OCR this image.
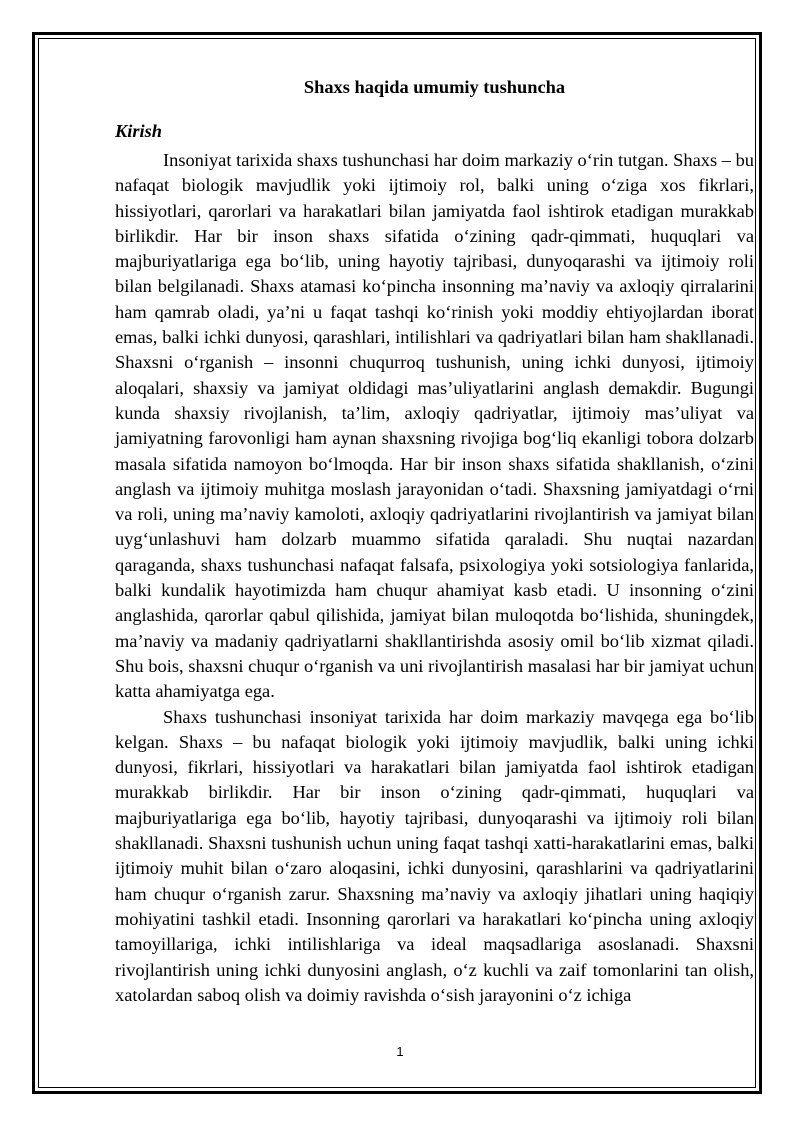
Shaxs haqida umumiy tushuncha
Kirish

Insoniyat tarixida shaxs tushunchasi har doim markaziy o‘rin tutgan. Shaxs – bu nafaqat biologik mavjudlik yoki ijtimoiy rol, balki uning o‘ziga xos fikrlari, hissiyotlari, qarorlari va harakatlari bilan jamiyatda faol ishtirok etadigan murakkab birlikdir. Har bir inson shaxs sifatida o‘zining qadr-qimmati, huquqlari va majburiyatlariga ega bo‘lib, uning hayotiy tajribasi, dunyoqarashi va ijtimoiy roli bilan belgilanadi. Shaxs atamasi ko‘pincha insonning ma’naviy va axloqiy qirralarini ham qamrab oladi, ya’ni u faqat tashqi ko‘rinish yoki moddiy ehtiyojlardan iborat emas, balki ichki dunyosi, qarashlari, intilishlari va qadriyatlari bilan ham shakllanadi. Shaxsni o‘rganish – insonni chuqurroq tushunish, uning ichki dunyosi, ijtimoiy aloqalari, shaxsiy va jamiyat oldidagi mas’uliyatlarini anglash demakdir. Bugungi kunda shaxsiy rivojlanish, ta’lim, axloqiy qadriyatlar, ijtimoiy mas’uliyat va jamiyatning farovonligi ham aynan shaxsning rivojiga bog‘liq ekanligi tobora dolzarb masala sifatida namoyon bo‘lmoqda. Har bir inson shaxs sifatida shakllanish, o‘zini anglash va ijtimoiy muhitga moslash jarayonidan o‘tadi. Shaxsning jamiyatdagi o‘rni va roli, uning ma’naviy kamoloti, axloqiy qadriyatlarini rivojlantirish va jamiyat bilan uyg‘unlashuvi ham dolzarb muammo sifatida qaraladi. Shu nuqtai nazardan qaraganda, shaxs tushunchasi nafaqat falsafa, psixologiya yoki sotsiologiya fanlarida, balki kundalik hayotimizda ham chuqur ahamiyat kasb etadi. U insonning o‘zini anglashida, qarorlar qabul qilishida, jamiyat bilan muloqotda bo‘lishida, shuningdek, ma’naviy va madaniy qadriyatlarni shakllantirishda asosiy omil bo‘lib xizmat qiladi. Shu bois, shaxsni chuqur o‘rganish va uni rivojlantirish masalasi har bir jamiyat uchun katta ahamiyatga ega.

Shaxs tushunchasi insoniyat tarixida har doim markaziy mavqega ega bo‘lib kelgan. Shaxs – bu nafaqat biologik yoki ijtimoiy mavjudlik, balki uning ichki dunyosi, fikrlari, hissiyotlari va harakatlari bilan jamiyatda faol ishtirok etadigan murakkab birlikdir. Har bir inson o‘zining qadr-qimmati, huquqlari va majburiyatlariga ega bo‘lib, hayotiy tajribasi, dunyoqarashi va ijtimoiy roli bilan shakllanadi. Shaxsni tushunish uchun uning faqat tashqi xatti-harakatlarini emas, balki ijtimoiy muhit bilan o‘zaro aloqasini, ichki dunyosini, qarashlarini va qadriyatlarini ham chuqur o‘rganish zarur. Shaxsning ma’naviy va axloqiy jihatlari uning haqiqiy mohiyatini tashkil etadi. Insonning qarorlari va harakatlari ko‘pincha uning axloqiy tamoyillariga, ichki intilishlariga va ideal maqsadlariga asoslanadi. Shaxsni rivojlantirish uning ichki dunyosini anglash, o‘z kuchli va zaif tomonlarini tan olish, xatolardan saboq olish va doimiy ravishda o‘sish jarayonini o‘z ichiga

1
